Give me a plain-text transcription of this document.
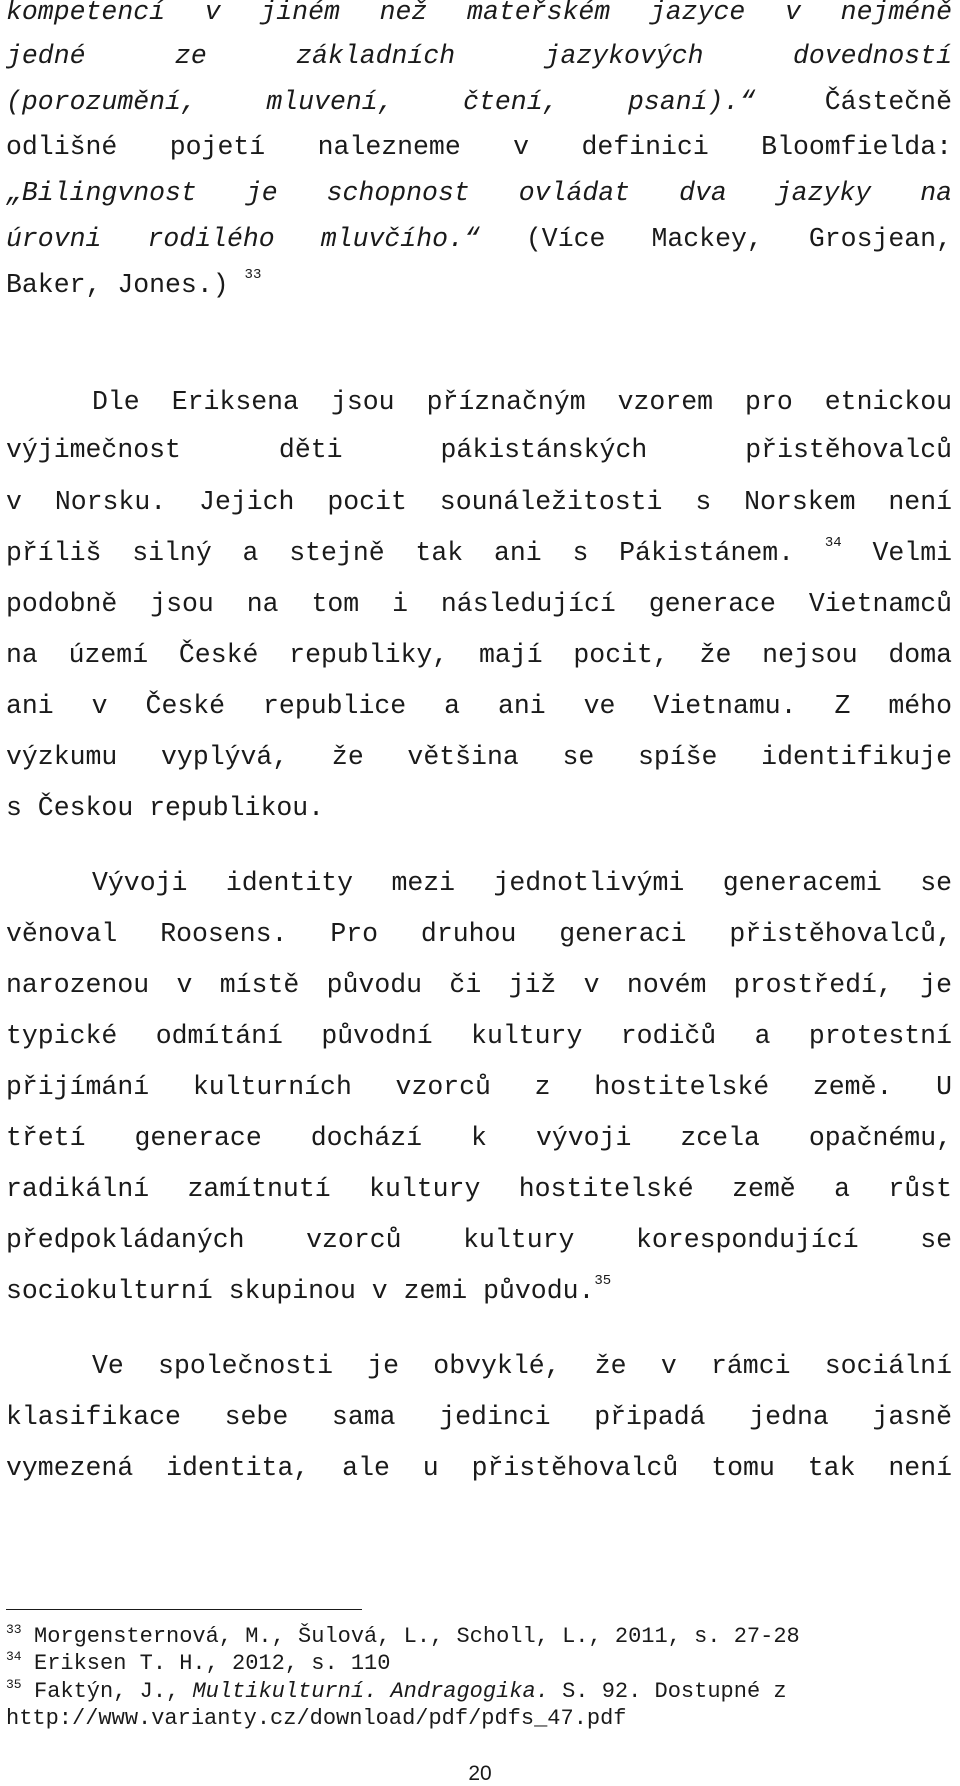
kompetencí v jiném než mateřském jazyce v nejméně
jedné ze základních jazykových dovedností
(porozumění, mluvení, čtení, psaní).“ Částečně
odlišné pojetí nalezneme v definici Bloomfielda:
„Bilingvnost je schopnost ovládat dva jazyky na
úrovni rodilého mluvčího.“ (Více Mackey, Grosjean,
Baker, Jones.) $^{33}$
Dle Eriksena jsou příznačným vzorem pro etnickou
výjimečnost děti pákistánských přistěhovalců
v Norsku. Jejich pocit sounáležitosti s Norskem není
příliš silný a stejně tak ani s Pákistánem. $^{34}$ Velmi
podobně jsou na tom i následující generace Vietnamců
na území České republiky, mají pocit, že nejsou doma
ani v České republice a ani ve Vietnamu. Z mého
výzkumu vyplývá, že většina se spíše identifikuje
s Českou republikou.
Vývoji identity mezi jednotlivými generacemi se
věnoval Roosens. Pro druhou generaci přistěhovalců,
narozenou v místě původu či již v novém prostředí, je
typické odmítání původní kultury rodičů a protestní
přijímání kulturních vzorců z hostitelské země. U
třetí generace dochází k vývoji zcela opačnému,
radikální zamítnutí kultury hostitelské země a růst
předpokládaných vzorců kultury korespondující se
sociokulturní skupinou v zemi původu.$^{35}$
Ve společnosti je obvyklé, že v rámci sociální
klasifikace sebe sama jedinci připadá jedna jasně
vymezená identita, ale u přistěhovalců tomu tak není
$^{33}$ Morgensternová, M., Šulová, L., Scholl, L., 2011, s. 27-28
$^{34}$ Eriksen T. H., 2012, s. 110
$^{35}$ Faktýn, J., Multikulturní. Andragogika. S. 92. Dostupné z
http://www.varianty.cz/download/pdf/pdfs_47.pdf
20
